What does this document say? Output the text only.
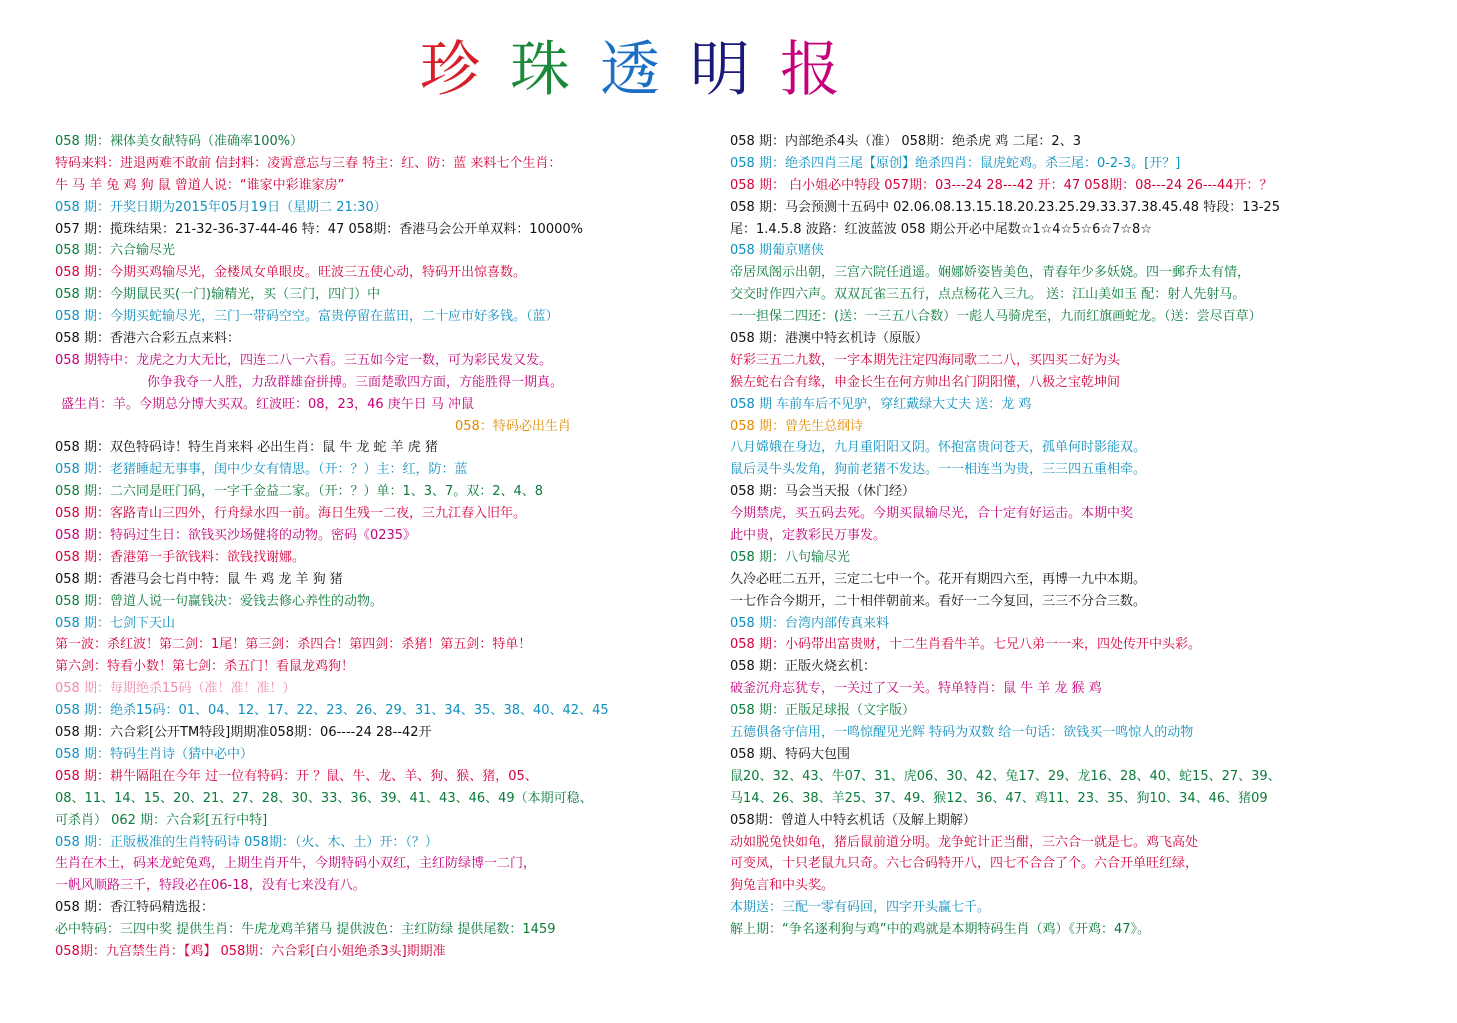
珍 珠 透 明 报
058 期：裸体美女献特码（准确率100%）
特码来料：进退两难不敢前 信封料：凌霄意忘与三春 特主：红、防：蓝 来料七个生肖：
牛 马 羊 兔 鸡 狗 鼠 曾道人说：“谁家中彩谁家房”
058 期：开奖日期为2015年05月19日（星期二 21:30）
057 期：揽珠结果：21-32-36-37-44-46 特：47 058期：香港马会公开单双料：10000%
058 期：六合输尽光
058 期：今期买鸡输尽光，金楼凤女单眼皮。旺波三五使心动，特码开出惊喜数。
058 期：今期鼠民买(一门)输精光，买（三门，四门）中
058 期：今期买蛇输尽光，三门一带码空空。富贵停留在蓝田，二十应市好多钱。（蓝）
058 期：香港六合彩五点来料：
058 期特中：龙虎之力大无比，四连二八一六看。三五如今定一数，可为彩民发又发。
你争我夺一人胜，力敌群雄奋拼搏。三面楚歌四方面，方能胜得一期真。
盛生肖：羊。今期总分博大买双。红波旺：08，23，46 庚午日 马 冲鼠
058：特码必出生肖
058 期：双色特码诗！特生肖来料 必出生肖：鼠 牛 龙 蛇 羊 虎 猪
058 期：老猪睡起无事事，闺中少女有情思。（开：？）主：红，防：蓝
058 期：二六同是旺门码，一字千金益二家。（开：？）单：1、3、7。双：2、4、8
058 期：客路青山三四外，行舟绿水四一前。海日生残一二夜，三九江春入旧年。
058 期：特码过生日：欲钱买沙场健将的动物。密码《0235》
058 期：香港第一手欲钱料：欲钱找谢娜。
058 期：香港马会七肖中特：鼠 牛 鸡 龙 羊 狗 猪
058 期：曾道人说一句赢钱决：爱钱去修心养性的动物。
058 期：七剑下天山
第一波：杀红波！第二剑：1尾！第三剑：杀四合！第四剑：杀猪！第五剑：特单！
第六剑：特看小数！第七剑：杀五门！看鼠龙鸡狗！
058 期：每期绝杀15码（准！准！准！）
058 期：绝杀15码：01、04、12、17、22、23、26、29、31、34、35、38、40、42、45
058 期：六合彩[公开TM特段]期期准058期：06----24 28--42开
058 期：特码生肖诗（猜中必中）
058 期：耕牛隔阻在今年 过一位有特码：开 ？鼠、牛、龙、羊、狗、猴、猪，05、
08、11、14、15、20、21、27、28、30、33、36、39、41、43、46、49（本期可稳、
可杀肖） 062 期：六合彩[五行中特]
058 期：正版极准的生肖特码诗 058期：（火、木、土）开：（？）
生肖在木土，码来龙蛇兔鸡，上期生肖开牛，今期特码小双红，主红防绿博一二门，
一帆风顺路三千，特段必在06-18，没有七来没有八。
058 期：香江特码精选报：
必中特码：三四中奖 提供生肖：牛虎龙鸡羊猪马 提供波色：主红防绿 提供尾数：1459
058期：九宫禁生肖：【鸡】 058期：六合彩[白小姐绝杀3头]期期准
058 期：内部绝杀4头（准） 058期：绝杀虎 鸡 二尾：2、3
058 期：绝杀四肖三尾【原创】绝杀四肖：鼠虎蛇鸡。杀三尾：0-2-3。[开？]
058 期： 白小姐必中特段 057期：03---24 28---42 开：47 058期：08---24 26---44开：？
058 期：马会预测十五码中 02.06.08.13.15.18.20.23.25.29.33.37.38.45.48 特段：13-25
尾：1.4.5.8 波路：红波蓝波 058 期公开必中尾数☆1☆4☆5☆6☆7☆8☆
058 期葡京赌侠
帝居凤阁示出朝，三宫六院任逍遥。娴娜娇姿皆美色，青春年少多妖娆。四一郵乔太有情，
交交时作四六声。双双瓦雀三五行，点点杨花入三九。 送：江山美如玉 配：射人先射马。
一一担保二四还：(送：一三五八合数）一彪人马骑虎至，九而红旗画蛇龙。（送：尝尽百草）
058 期：港澳中特玄机诗（原版）
好彩三五二九数，一字本期先注定四海同歌二二八，买四买二好为头
猴左蛇右合有缘，申金长生在何方帅出名门阴阳懂，八极之宝乾坤间
058 期 车前车后不见驴，穿红戴绿大丈夫 送：龙 鸡
058 期：曾先生总纲诗
八月嫦娥在身边，九月重阳阳又阴。怀抱富贵问苍天，孤单何时影能双。
鼠后灵牛头发角，狗前老猪不发达。一一相连当为贵，三三四五重相牵。
058 期：马会当天报（休门经）
今期禁虎，买五码去死。今期买鼠输尽光，合十定有好运击。本期中奖
此中贵，定教彩民万事发。
058 期：八句输尽光
久冷必旺二五开，三定二七中一个。花开有期四六至，再博一九中本期。
一七作合今期开，二十相伴朝前来。看好一二今复回，三三不分合三数。
058 期：台湾内部传真来料
058 期：小码带出富贵财，十二生肖看牛羊。七兄八弟一一来，四处传开中头彩。
058 期：正版火烧玄机：
破釜沉舟忘犹专，一关过了又一关。特单特肖：鼠 牛 羊 龙 猴 鸡
058 期：正版足球报（文字版）
五德俱备守信用，一鸣惊醒见光辉 特码为双数 给一句话：欲钱买一鸣惊人的动物
058 期、特码大包围
鼠20、32、43、牛07、31、虎06、30、42、兔17、29、龙16、28、40、蛇15、27、39、
马14、26、38、羊25、37、49、猴12、36、47、鸡11、23、35、狗10、34、46、猪09
058期：曾道人中特玄机话（及解上期解）
动如脱兔快如龟，猪后鼠前道分明。龙争蛇计正当酣，三六合一就是七。鸡飞高处
可变凤，十只老鼠九只奇。六七合码特开八，四七不合合了个。六合开单旺红绿，
狗兔言和中头奖。
本期送：三配一零有码回，四字开头赢七千。
解上期：“争名逐利狗与鸡”中的鸡就是本期特码生肖（鸡）《开鸡：47》。
